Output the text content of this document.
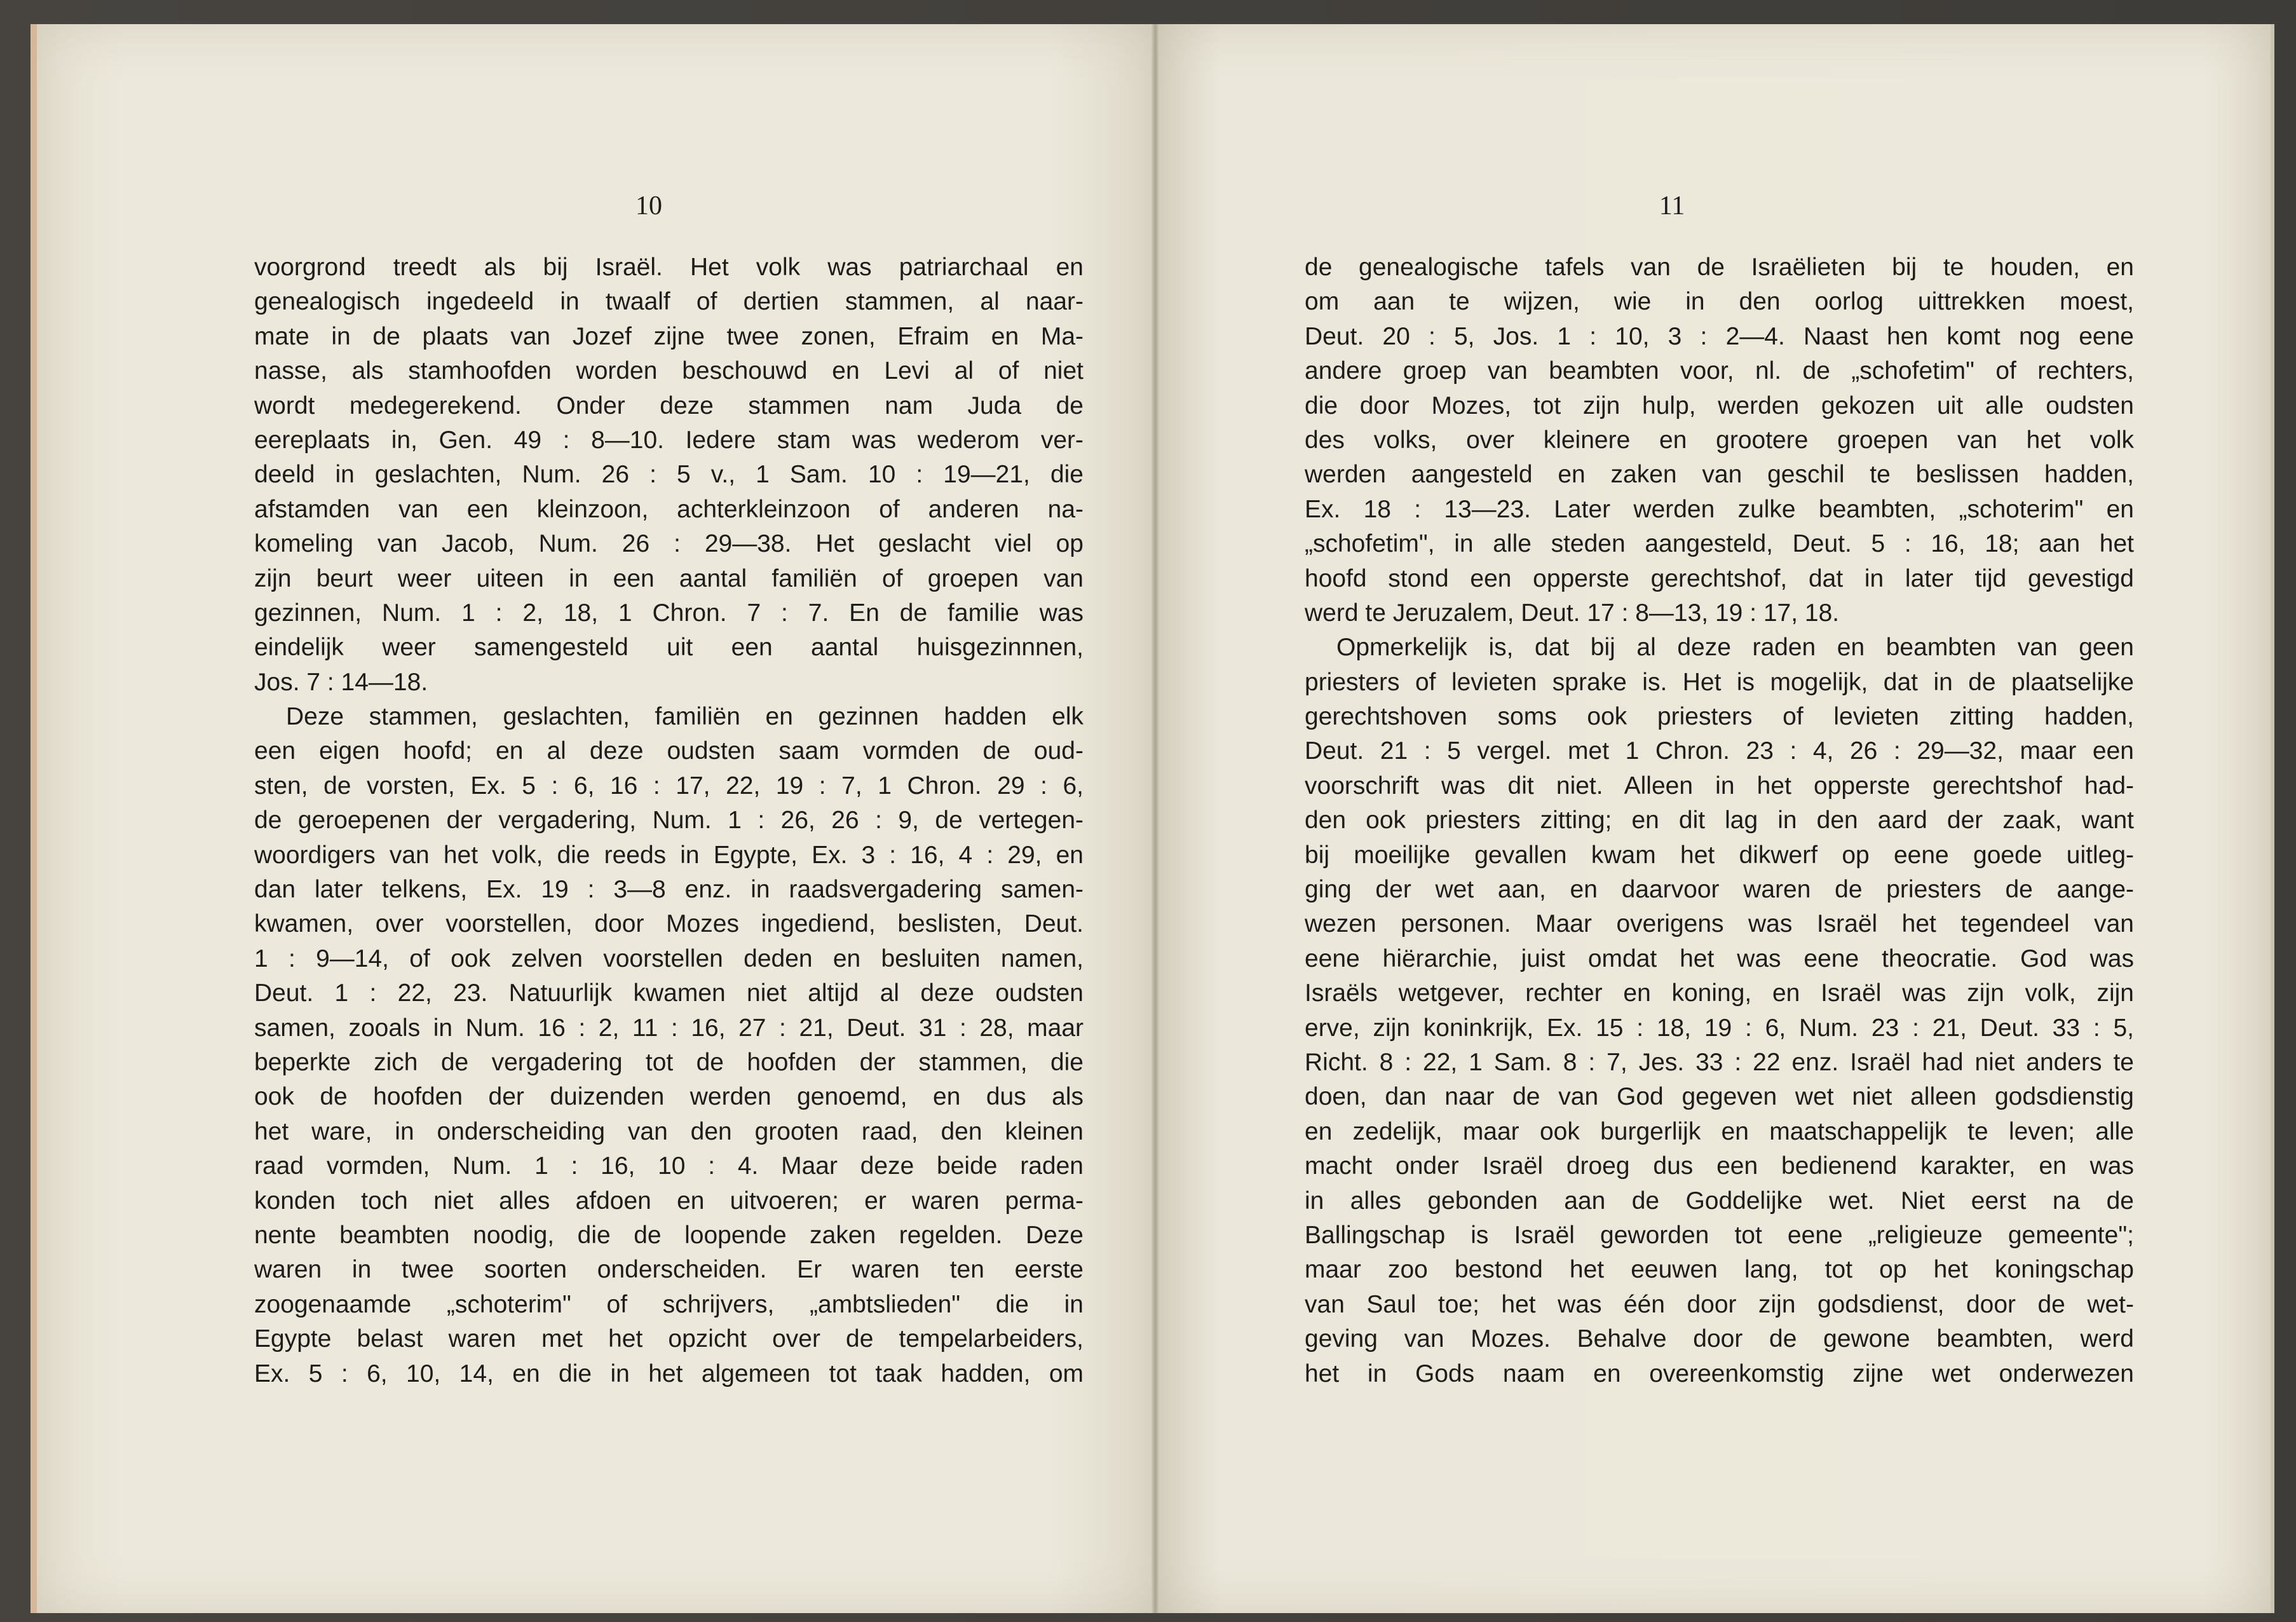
10
voorgrond treedt als bij Israël. Het volk was patriarchaal en
genealogisch ingedeeld in twaalf of dertien stammen, al naar-
mate in de plaats van Jozef zijne twee zonen, Efraim en Ma-
nasse, als stamhoofden worden beschouwd en Levi al of niet
wordt medegerekend. Onder deze stammen nam Juda de
eereplaats in, Gen. 49 : 8—10. Iedere stam was wederom ver-
deeld in geslachten, Num. 26 : 5 v., 1 Sam. 10 : 19—21, die
afstamden van een kleinzoon, achterkleinzoon of anderen na-
komeling van Jacob, Num. 26 : 29—38. Het geslacht viel op
zijn beurt weer uiteen in een aantal familiën of groepen van
gezinnen, Num. 1 : 2, 18, 1 Chron. 7 : 7. En de familie was
eindelijk weer samengesteld uit een aantal huisgezinnnen,
Jos. 7 : 14—18.
Deze stammen, geslachten, familiën en gezinnen hadden elk
een eigen hoofd; en al deze oudsten saam vormden de oud-
sten, de vorsten, Ex. 5 : 6, 16 : 17, 22, 19 : 7, 1 Chron. 29 : 6,
de geroepenen der vergadering, Num. 1 : 26, 26 : 9, de vertegen-
woordigers van het volk, die reeds in Egypte, Ex. 3 : 16, 4 : 29, en
dan later telkens, Ex. 19 : 3—8 enz. in raadsvergadering samen-
kwamen, over voorstellen, door Mozes ingediend, beslisten, Deut.
1 : 9—14, of ook zelven voorstellen deden en besluiten namen,
Deut. 1 : 22, 23. Natuurlijk kwamen niet altijd al deze oudsten
samen, zooals in Num. 16 : 2, 11 : 16, 27 : 21, Deut. 31 : 28, maar
beperkte zich de vergadering tot de hoofden der stammen, die
ook de hoofden der duizenden werden genoemd, en dus als
het ware, in onderscheiding van den grooten raad, den kleinen
raad vormden, Num. 1 : 16, 10 : 4. Maar deze beide raden
konden toch niet alles afdoen en uitvoeren; er waren perma-
nente beambten noodig, die de loopende zaken regelden. Deze
waren in twee soorten onderscheiden. Er waren ten eerste
zoogenaamde „schoterim" of schrijvers, „ambtslieden" die in
Egypte belast waren met het opzicht over de tempelarbeiders,
Ex. 5 : 6, 10, 14, en die in het algemeen tot taak hadden, om
11
de genealogische tafels van de Israëlieten bij te houden, en
om aan te wijzen, wie in den oorlog uittrekken moest,
Deut. 20 : 5, Jos. 1 : 10, 3 : 2—4. Naast hen komt nog eene
andere groep van beambten voor, nl. de „schofetim" of rechters,
die door Mozes, tot zijn hulp, werden gekozen uit alle oudsten
des volks, over kleinere en grootere groepen van het volk
werden aangesteld en zaken van geschil te beslissen hadden,
Ex. 18 : 13—23. Later werden zulke beambten, „schoterim" en
„schofetim", in alle steden aangesteld, Deut. 5 : 16, 18; aan het
hoofd stond een opperste gerechtshof, dat in later tijd gevestigd
werd te Jeruzalem, Deut. 17 : 8—13, 19 : 17, 18.
Opmerkelijk is, dat bij al deze raden en beambten van geen
priesters of levieten sprake is. Het is mogelijk, dat in de plaatselijke
gerechtshoven soms ook priesters of levieten zitting hadden,
Deut. 21 : 5 vergel. met 1 Chron. 23 : 4, 26 : 29—32, maar een
voorschrift was dit niet. Alleen in het opperste gerechtshof had-
den ook priesters zitting; en dit lag in den aard der zaak, want
bij moeilijke gevallen kwam het dikwerf op eene goede uitleg-
ging der wet aan, en daarvoor waren de priesters de aange-
wezen personen. Maar overigens was Israël het tegendeel van
eene hiërarchie, juist omdat het was eene theocratie. God was
Israëls wetgever, rechter en koning, en Israël was zijn volk, zijn
erve, zijn koninkrijk, Ex. 15 : 18, 19 : 6, Num. 23 : 21, Deut. 33 : 5,
Richt. 8 : 22, 1 Sam. 8 : 7, Jes. 33 : 22 enz. Israël had niet anders te
doen, dan naar de van God gegeven wet niet alleen godsdienstig
en zedelijk, maar ook burgerlijk en maatschappelijk te leven; alle
macht onder Israël droeg dus een bedienend karakter, en was
in alles gebonden aan de Goddelijke wet. Niet eerst na de
Ballingschap is Israël geworden tot eene „religieuze gemeente";
maar zoo bestond het eeuwen lang, tot op het koningschap
van Saul toe; het was één door zijn godsdienst, door de wet-
geving van Mozes. Behalve door de gewone beambten, werd
het in Gods naam en overeenkomstig zijne wet onderwezen
